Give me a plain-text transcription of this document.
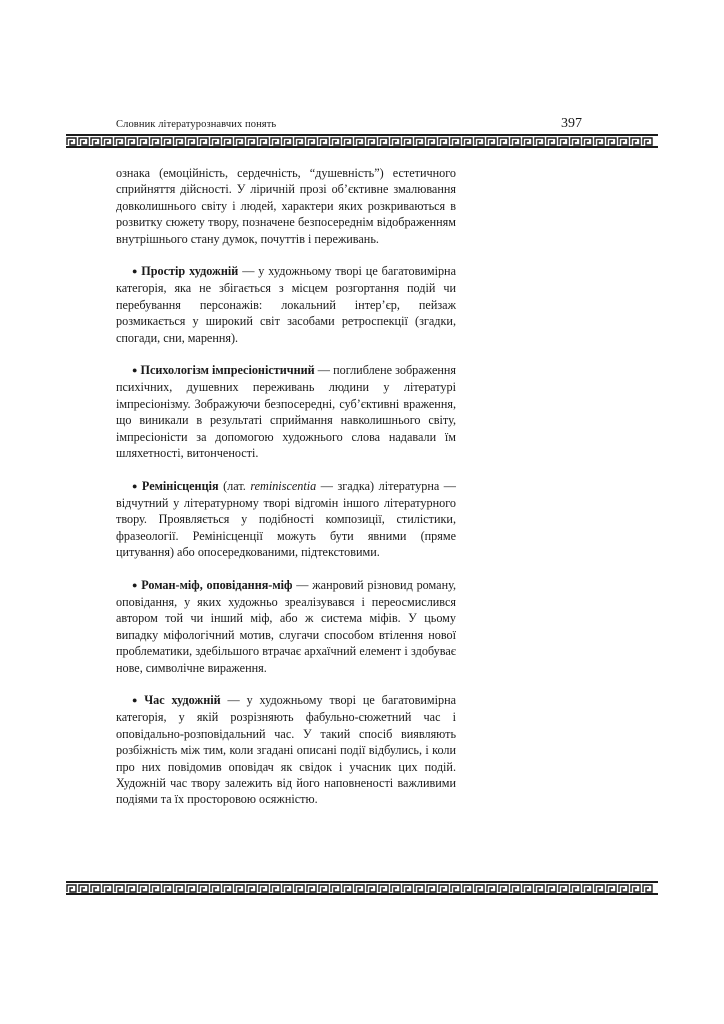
Словник літературознавчих понять	397

ознака (емоційність, сердечність, “душевність”) естетичного сприйняття дійсності. У ліричній прозі об’єктивне змалювання довколишнього світу і людей, характери яких розкриваються в розвитку сюжету твору, позначене безпосереднім відображенням внутрішнього стану думок, почуттів і переживань.

● Простір художній — у художньому творі це багатовимірна категорія, яка не збігається з місцем розгортання подій чи перебування персонажів: локальний інтер’єр, пейзаж розмикається у широкий світ засобами ретроспекції (згадки, спогади, сни, марення).

● Психологізм імпресіоністичний — поглиблене зображення психічних, душевних переживань людини у літературі імпресіонізму. Зображуючи безпосередні, суб’єктивні враження, що виникали в результаті сприймання навколишнього світу, імпресіоністи за допомогою художнього слова надавали їм шляхетності, витонченості.

● Ремінісценція (лат. reminiscentia — згадка) літературна — відчутний у літературному творі відгомін іншого літературного твору. Проявляється у подібності композиції, стилістики, фразеології. Ремінісценції можуть бути явними (пряме цитування) або опосередкованими, підтекстовими.

● Роман-міф, оповідання-міф — жанровий різновид роману, оповідання, у яких художньо зреалізувався і переосмислився автором той чи інший міф, або ж система міфів. У цьому випадку міфологічний мотив, слугачи способом втілення нової проблематики, здебільшого втрачає архаїчний елемент і здобуває нове, символічне вираження.

● Час художній — у художньому творі це багатовимірна категорія, у якій розрізняють фабульно-сюжетний час і оповідально-розповідальний час. У такий спосіб виявляють розбіжність між тим, коли згадані описані події відбулись, і коли про них повідомив оповідач як свідок і учасник цих подій. Художній час твору залежить від його наповненості важливими подіями та їх просторовою осяжністю.
